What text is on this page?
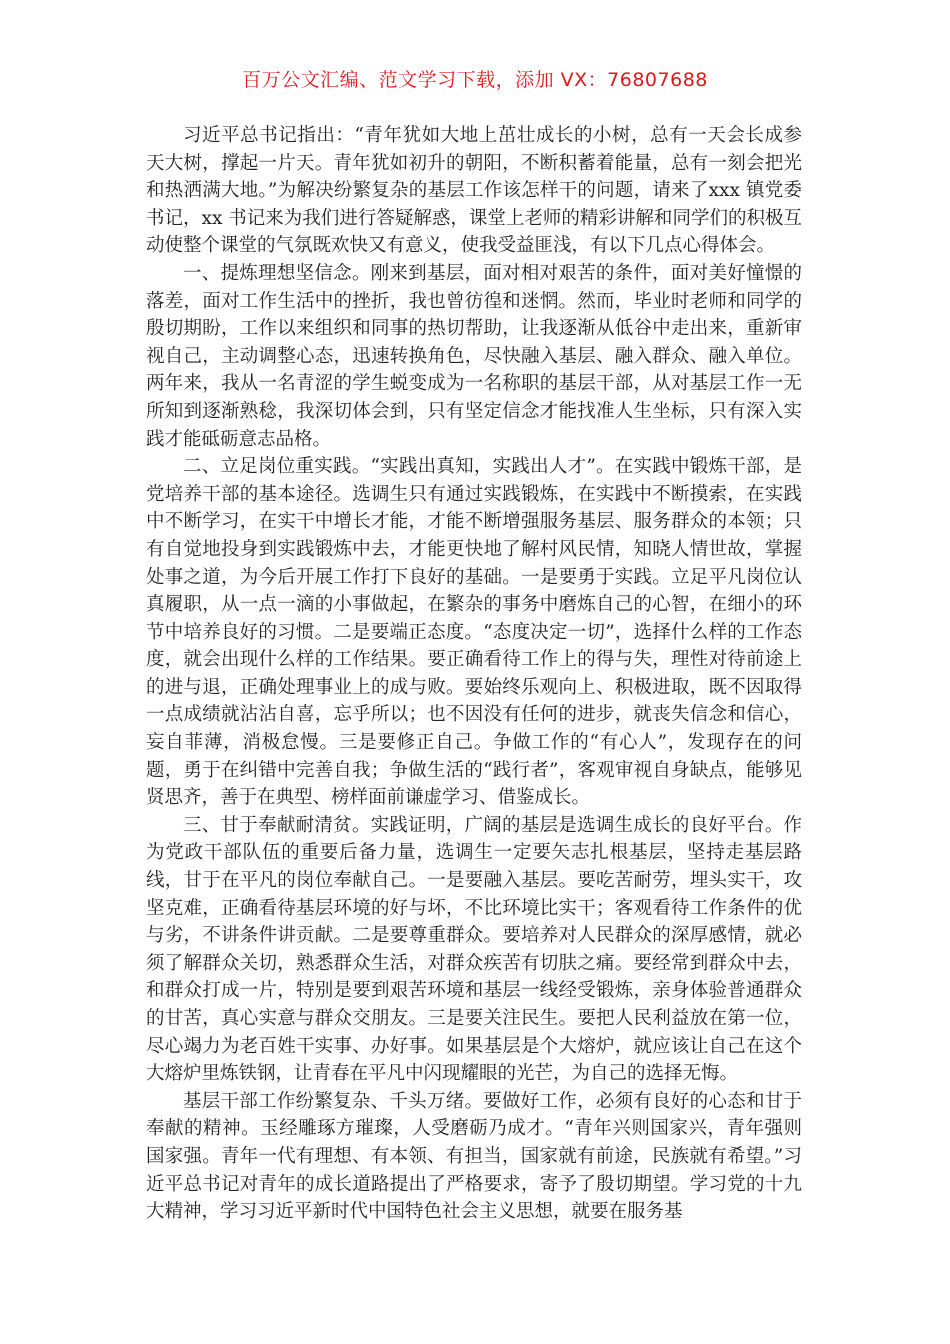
百万公文汇编、范文学习下载，添加 VX：76807688

习近平总书记指出：“青年犹如大地上茁壮成长的小树，总有一天会长成参天大树，撑起一片天。青年犹如初升的朝阳，不断积蓄着能量，总有一刻会把光和热洒满大地。”为解决纷繁复杂的基层工作该怎样干的问题，请来了xxx 镇党委书记，xx 书记来为我们进行答疑解惑，课堂上老师的精彩讲解和同学们的积极互动使整个课堂的气氛既欢快又有意义，使我受益匪浅，有以下几点心得体会。

一、提炼理想坚信念。刚来到基层，面对相对艰苦的条件，面对美好憧憬的落差，面对工作生活中的挫折，我也曾彷徨和迷惘。然而，毕业时老师和同学的殷切期盼，工作以来组织和同事的热切帮助，让我逐渐从低谷中走出来，重新审视自己，主动调整心态，迅速转换角色，尽快融入基层、融入群众、融入单位。两年来，我从一名青涩的学生蜕变成为一名称职的基层干部，从对基层工作一无所知到逐渐熟稔，我深切体会到，只有坚定信念才能找准人生坐标，只有深入实践才能砥砺意志品格。

二、立足岗位重实践。“实践出真知，实践出人才”。在实践中锻炼干部，是党培养干部的基本途径。选调生只有通过实践锻炼，在实践中不断摸索，在实践中不断学习，在实干中增长才能，才能不断增强服务基层、服务群众的本领；只有自觉地投身到实践锻炼中去，才能更快地了解村风民情，知晓人情世故，掌握处事之道，为今后开展工作打下良好的基础。一是要勇于实践。立足平凡岗位认真履职，从一点一滴的小事做起，在繁杂的事务中磨炼自己的心智，在细小的环节中培养良好的习惯。二是要端正态度。“态度决定一切”，选择什么样的工作态度，就会出现什么样的工作结果。要正确看待工作上的得与失，理性对待前途上的进与退，正确处理事业上的成与败。要始终乐观向上、积极进取，既不因取得一点成绩就沾沾自喜，忘乎所以；也不因没有任何的进步，就丧失信念和信心，妄自菲薄，消极怠慢。三是要修正自己。争做工作的“有心人”，发现存在的问题，勇于在纠错中完善自我；争做生活的“践行者”，客观审视自身缺点，能够见贤思齐，善于在典型、榜样面前谦虚学习、借鉴成长。

三、甘于奉献耐清贫。实践证明，广阔的基层是选调生成长的良好平台。作为党政干部队伍的重要后备力量，选调生一定要矢志扎根基层，坚持走基层路线，甘于在平凡的岗位奉献自己。一是要融入基层。要吃苦耐劳，埋头实干，攻坚克难，正确看待基层环境的好与坏，不比环境比实干；客观看待工作条件的优与劣，不讲条件讲贡献。二是要尊重群众。要培养对人民群众的深厚感情，就必须了解群众关切，熟悉群众生活，对群众疾苦有切肤之痛。要经常到群众中去，和群众打成一片，特别是要到艰苦环境和基层一线经受锻炼，亲身体验普通群众的甘苦，真心实意与群众交朋友。三是要关注民生。要把人民利益放在第一位，尽心竭力为老百姓干实事、办好事。如果基层是个大熔炉，就应该让自己在这个大熔炉里炼铁钢，让青春在平凡中闪现耀眼的光芒，为自己的选择无悔。

基层干部工作纷繁复杂、千头万绪。要做好工作，必须有良好的心态和甘于奉献的精神。玉经雕琢方璀璨，人受磨砺乃成才。“青年兴则国家兴，青年强则国家强。青年一代有理想、有本领、有担当，国家就有前途，民族就有希望。”习近平总书记对青年的成长道路提出了严格要求，寄予了殷切期望。学习党的十九大精神，学习习近平新时代中国特色社会主义思想，就要在服务基
